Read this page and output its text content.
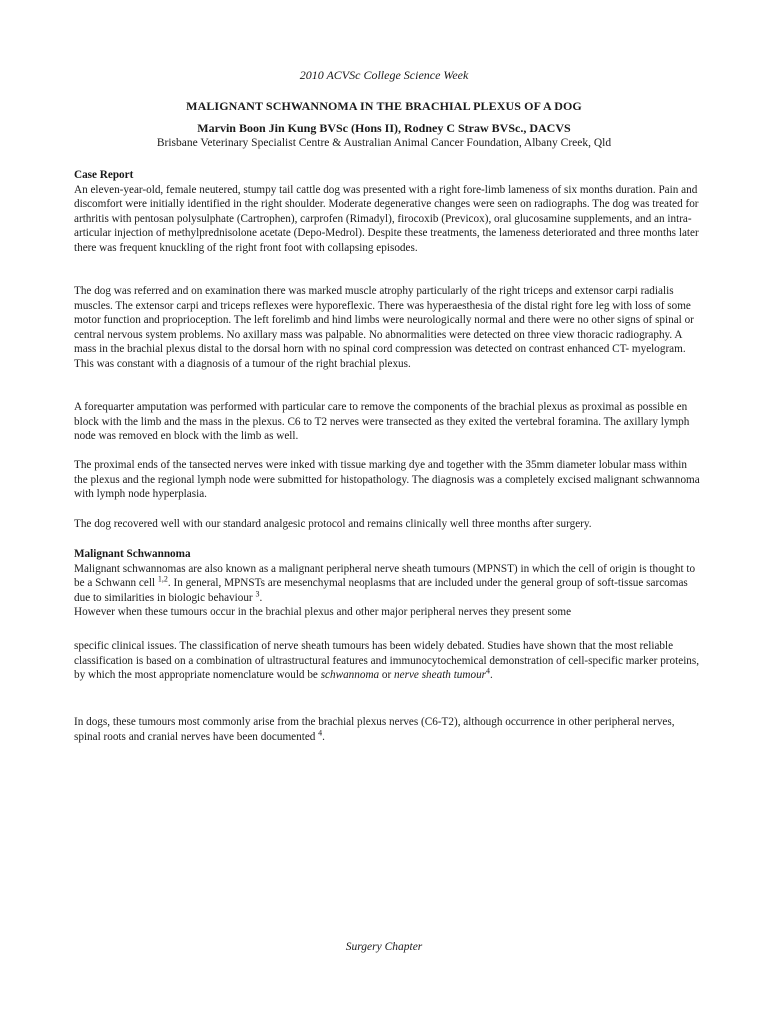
2010 ACVSc College Science Week
MALIGNANT SCHWANNOMA IN THE BRACHIAL PLEXUS OF A DOG
Marvin Boon Jin Kung BVSc (Hons II), Rodney C Straw BVSc., DACVS
Brisbane Veterinary Specialist Centre & Australian Animal Cancer Foundation, Albany Creek, Qld

Case Report

An eleven-year-old, female neutered, stumpy tail cattle dog was presented with a right fore-limb lameness of six months duration. Pain and discomfort were initially identified in the right shoulder. Moderate degenerative changes were seen on radiographs. The dog was treated for arthritis with pentosan polysulphate (Cartrophen), carprofen (Rimadyl), firocoxib (Previcox), oral glucosamine supplements, and an intra-articular injection of methylprednisolone acetate (Depo-Medrol). Despite these treatments, the lameness deteriorated and three months later there was frequent knuckling of the right front foot with collapsing episodes.

The dog was referred and on examination there was marked muscle atrophy particularly of the right triceps and extensor carpi radialis muscles. The extensor carpi and triceps reflexes were hyporeflexic. There was hyperaesthesia of the distal right fore leg with loss of some motor function and proprioception. The left forelimb and hind limbs were neurologically normal and there were no other signs of spinal or central nervous system problems. No axillary mass was palpable. No abnormalities were detected on three view thoracic radiography. A mass in the brachial plexus distal to the dorsal horn with no spinal cord compression was detected on contrast enhanced CT- myelogram. This was constant with a diagnosis of a tumour of the right brachial plexus.
A forequarter amputation was performed with particular care to remove the components of the brachial plexus as proximal as possible en block with the limb and the mass in the plexus. C6 to T2 nerves were transected as they exited the vertebral foramina. The axillary lymph node was removed en block with the limb as well.
The proximal ends of the tansected nerves were inked with tissue marking dye and together with the 35mm diameter lobular mass within the plexus and the regional lymph node were submitted for histopathology. The diagnosis was a completely excised malignant schwannoma with lymph node hyperplasia.
The dog recovered well with our standard analgesic protocol and remains clinically well three months after surgery.

Malignant Schwannoma

Malignant schwannomas are also known as a malignant peripheral nerve sheath tumours (MPNST) in which the cell of origin is thought to be a Schwann cell $^{1,2}$. In general, MPNSTs are mesenchymal neoplasms that are included under the general group of soft-tissue sarcomas due to similarities in biologic behaviour $^3$.

However when these tumours occur in the brachial plexus and other major peripheral nerves they present some

specific clinical issues. The classification of nerve sheath tumours has been widely debated. Studies have shown that the most reliable classification is based on a combination of ultrastructural features and immunocytochemical demonstration of cell-specific marker proteins, by which the most appropriate nomenclature would be schwannoma or nerve sheath tumour$^4$.

In dogs, these tumours most commonly arise from the brachial plexus nerves (C6-T2), although occurrence in other peripheral nerves, spinal roots and cranial nerves have been documented $^4$.

Surgery Chapter
